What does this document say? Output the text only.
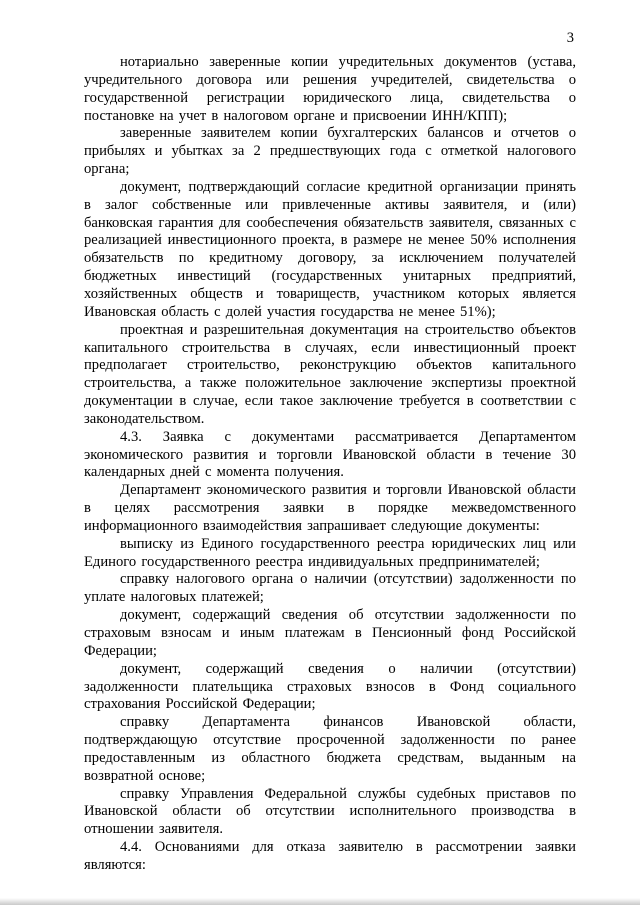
3

нотариально заверенные копии учредительных документов (устава, учредительного договора или решения учредителей, свидетельства о государственной регистрации юридического лица, свидетельства о постановке на учет в налоговом органе и присвоении ИНН/КПП);

заверенные заявителем копии бухгалтерских балансов и отчетов о прибылях и убытках за 2 предшествующих года с отметкой налогового органа;

документ, подтверждающий согласие кредитной организации принять в залог собственные или привлеченные активы заявителя, и (или) банковская гарантия для сообеспечения обязательств заявителя, связанных с реализацией инвестиционного проекта, в размере не менее 50% исполнения обязательств по кредитному договору, за исключением получателей бюджетных инвестиций (государственных унитарных предприятий, хозяйственных обществ и товариществ, участником которых является Ивановская область с долей участия государства не менее 51%);

проектная и разрешительная документация на строительство объектов капитального строительства в случаях, если инвестиционный проект предполагает строительство, реконструкцию объектов капитального строительства, а также положительное заключение экспертизы проектной документации в случае, если такое заключение требуется в соответствии с законодательством.

4.3. Заявка с документами рассматривается Департаментом экономического развития и торговли Ивановской области в течение 30 календарных дней с момента получения.

Департамент экономического развития и торговли Ивановской области в целях рассмотрения заявки в порядке межведомственного информационного взаимодействия запрашивает следующие документы:

выписку из Единого государственного реестра юридических лиц или Единого государственного реестра индивидуальных предпринимателей;

справку налогового органа о наличии (отсутствии) задолженности по уплате налоговых платежей;

документ, содержащий сведения об отсутствии задолженности по страховым взносам и иным платежам в Пенсионный фонд Российской Федерации;

документ, содержащий сведения о наличии (отсутствии) задолженности плательщика страховых взносов в Фонд социального страхования Российской Федерации;

справку Департамента финансов Ивановской области, подтверждающую отсутствие просроченной задолженности по ранее предоставленным из областного бюджета средствам, выданным на возвратной основе;

справку Управления Федеральной службы судебных приставов по Ивановской области об отсутствии исполнительного производства в отношении заявителя.

4.4. Основаниями для отказа заявителю в рассмотрении заявки являются:
